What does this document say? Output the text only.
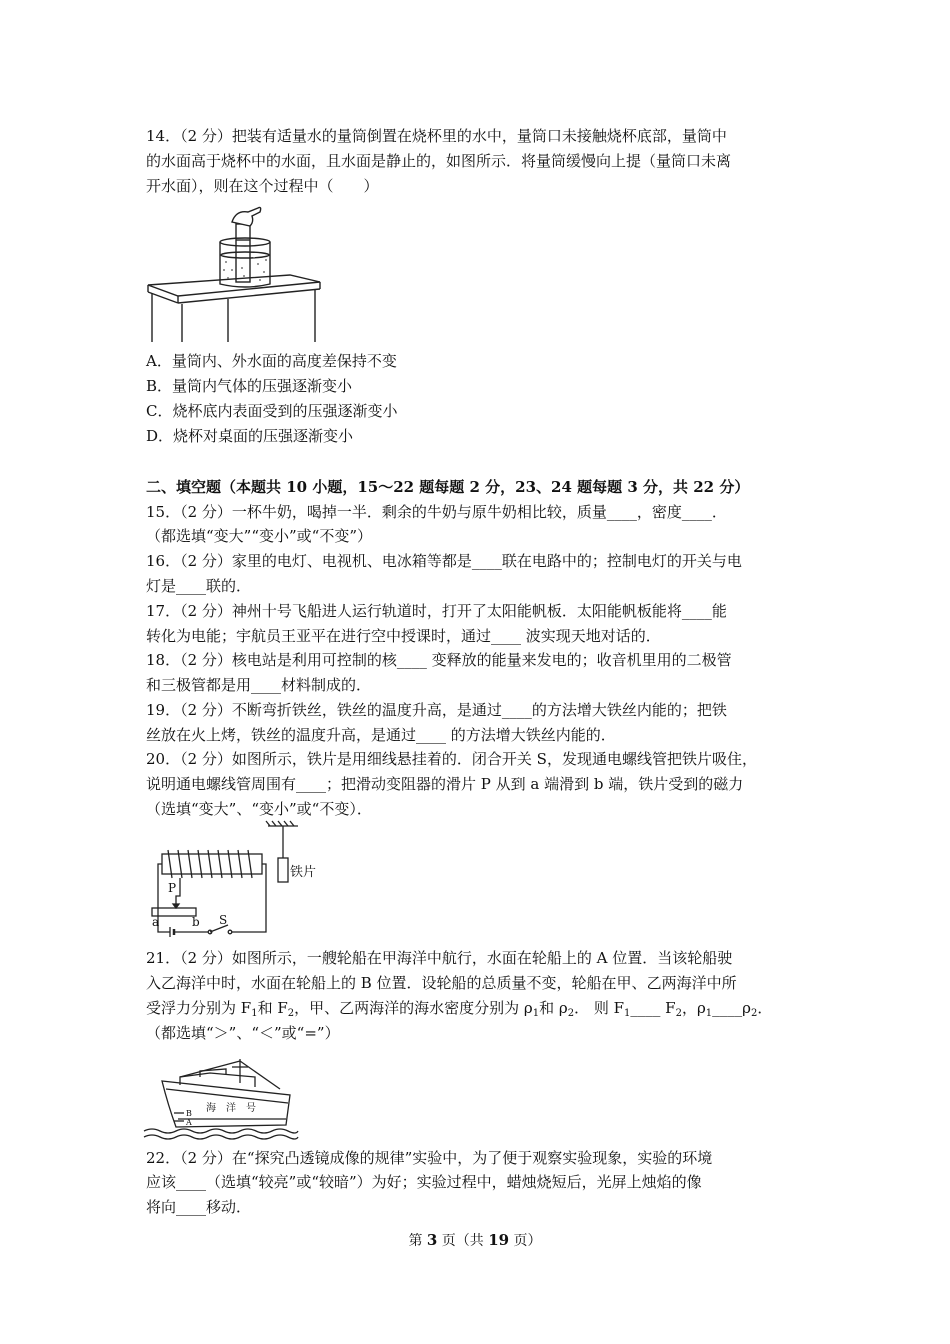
14．（2 分）把装有适量水的量筒倒置在烧杯里的水中，量筒口未接触烧杯底部，量筒中
的水面高于烧杯中的水面，且水面是静止的，如图所示．将量筒缓慢向上提（量筒口未离
开水面），则在这个过程中（　　）
A．量筒内、外水面的高度差保持不变
B．量筒内气体的压强逐渐变小
C．烧杯底内表面受到的压强逐渐变小
D．烧杯对桌面的压强逐渐变小
二、填空题（本题共 10 小题，15～22 题每题 2 分，23、24 题每题 3 分，共 22 分）
15．（2 分）一杯牛奶，喝掉一半．剩余的牛奶与原牛奶相比较，质量____，密度____．
（都选填“变大”“变小”或“不变”）
16．（2 分）家里的电灯、电视机、电冰箱等都是____联在电路中的；控制电灯的开关与电
灯是____联的．
17．（2 分）神州十号飞船进人运行轨道时，打开了太阳能帆板．太阳能帆板能将____能
转化为电能；宇航员王亚平在进行空中授课时，通过____ 波实现天地对话的．
18．（2 分）核电站是利用可控制的核____ 变释放的能量来发电的；收音机里用的二极管
和三极管都是用____材料制成的．
19．（2 分）不断弯折铁丝，铁丝的温度升高，是通过____的方法增大铁丝内能的；把铁
丝放在火上烤，铁丝的温度升高，是通过____ 的方法增大铁丝内能的．
20．（2 分）如图所示，铁片是用细线悬挂着的．闭合开关 S，发现通电螺线管把铁片吸住，
说明通电螺线管周围有____；把滑动变阻器的滑片 P 从到 a 端滑到 b 端，铁片受到的磁力
（选填“变大”、“变小”或“不变）．
铁片
P
a	b S
21．（2 分）如图所示，一艘轮船在甲海洋中航行，水面在轮船上的 A 位置．当该轮船驶
入乙海洋中时，水面在轮船上的 B 位置．设轮船的总质量不变，轮船在甲、乙两海洋中所
受浮力分别为 $F_1$和 $F_2$，甲、乙两海洋的海水密度分别为 $\rho_1$和 $\rho_2$． 则 $F_1\_\_\_\_$ $F_2$，$\rho_1\_\_\_\_\rho_2$．
（都选填“＞”、“＜”或“=”）
海　洋　号
B
A
22．（2 分）在“探究凸透镜成像的规律”实验中，为了便于观察实验现象，实验的环境
应该____（选填“较亮”或“较暗”）为好；实验过程中，蜡烛烧短后，光屏上烛焰的像
将向____移动．
第 3 页（共 19 页）
